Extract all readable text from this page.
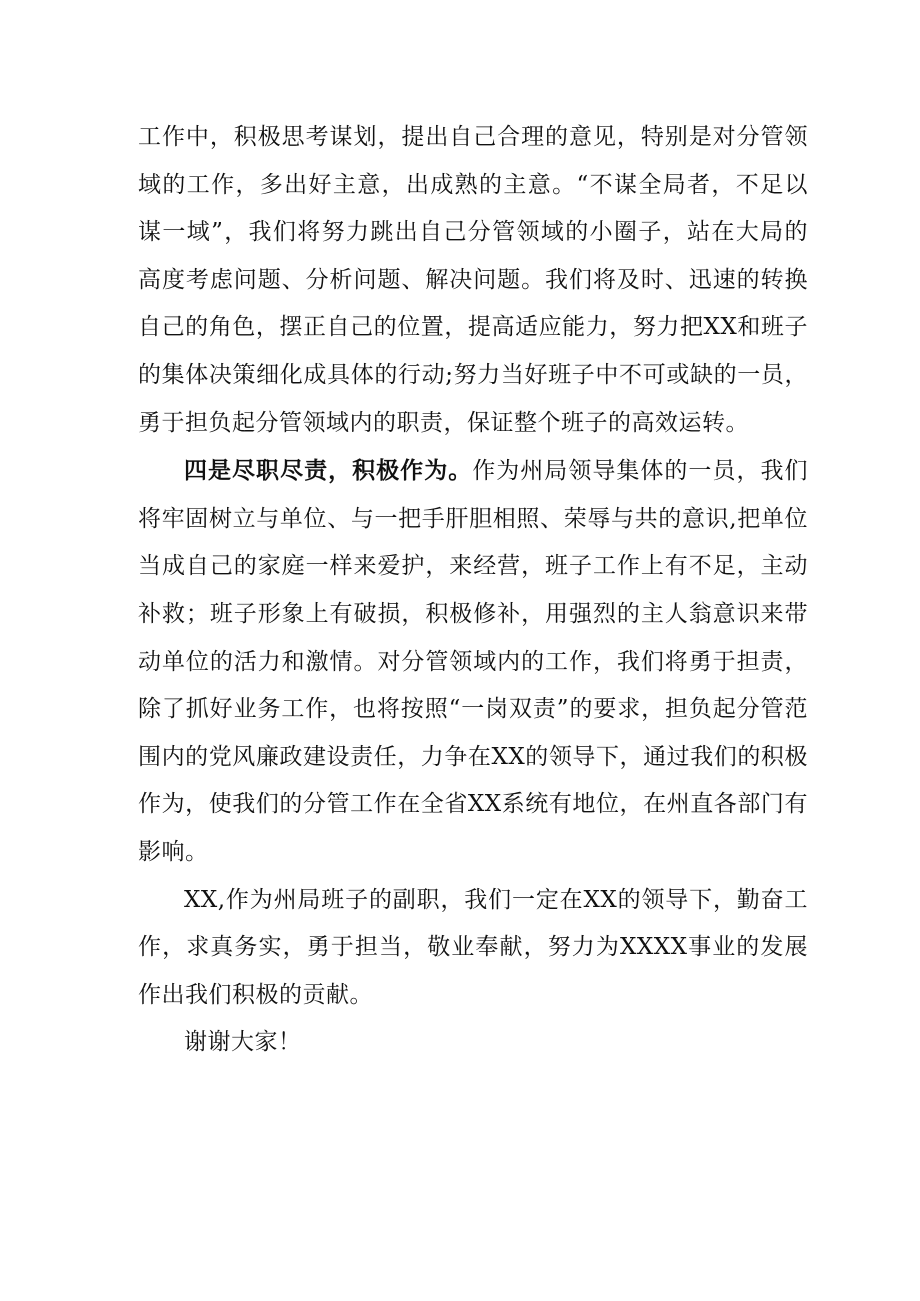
工作中，积极思考谋划，提出自己合理的意见，特别是对分管领域的工作，多出好主意，出成熟的主意。“不谋全局者，不足以谋一域”，我们将努力跳出自己分管领域的小圈子，站在大局的高度考虑问题、分析问题、解决问题。我们将及时、迅速的转换自己的角色，摆正自己的位置，提高适应能力，努力把XX和班子的集体决策细化成具体的行动;努力当好班子中不可或缺的一员，勇于担负起分管领域内的职责，保证整个班子的高效运转。

四是尽职尽责，积极作为。作为州局领导集体的一员，我们将牢固树立与单位、与一把手肝胆相照、荣辱与共的意识,把单位当成自己的家庭一样来爱护，来经营，班子工作上有不足，主动补救；班子形象上有破损，积极修补，用强烈的主人翁意识来带动单位的活力和激情。对分管领域内的工作，我们将勇于担责，除了抓好业务工作，也将按照“一岗双责”的要求，担负起分管范围内的党风廉政建设责任，力争在XX的领导下，通过我们的积极作为，使我们的分管工作在全省XX系统有地位，在州直各部门有影响。

XX,作为州局班子的副职，我们一定在XX的领导下，勤奋工作，求真务实，勇于担当，敬业奉献，努力为XXXX事业的发展作出我们积极的贡献。

谢谢大家！
